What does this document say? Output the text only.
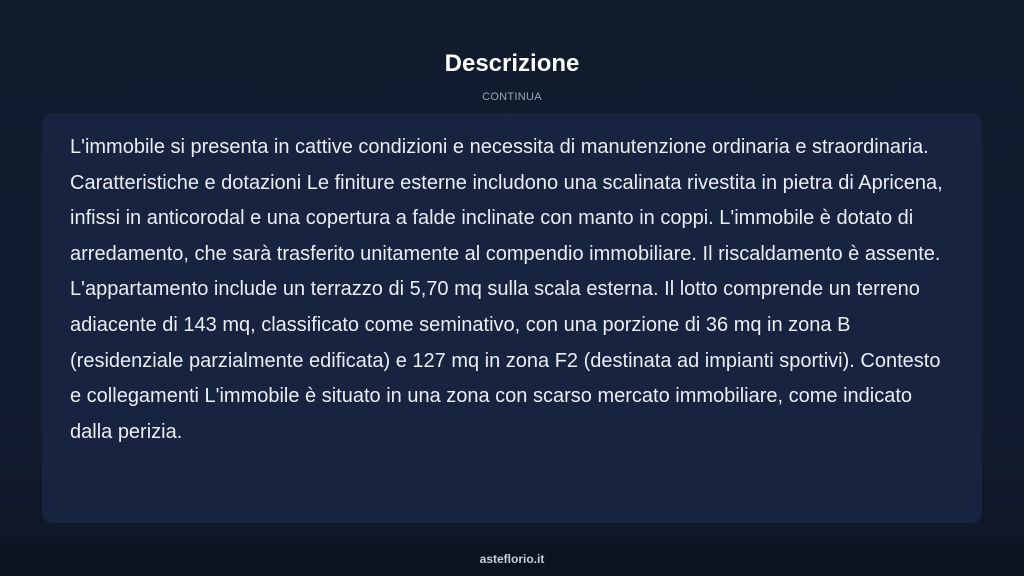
Descrizione
CONTINUA

L'immobile si presenta in cattive condizioni e necessita di manutenzione ordinaria e straordinaria. Caratteristiche e dotazioni Le finiture esterne includono una scalinata rivestita in pietra di Apricena, infissi in anticorodal e una copertura a falde inclinate con manto in coppi. L'immobile è dotato di arredamento, che sarà trasferito unitamente al compendio immobiliare. Il riscaldamento è assente. L'appartamento include un terrazzo di 5,70 mq sulla scala esterna. Il lotto comprende un terreno adiacente di 143 mq, classificato come seminativo, con una porzione di 36 mq in zona B (residenziale parzialmente edificata) e 127 mq in zona F2 (destinata ad impianti sportivi). Contesto e collegamenti L'immobile è situato in una zona con scarso mercato immobiliare, come indicato dalla perizia.

asteflorio.it
